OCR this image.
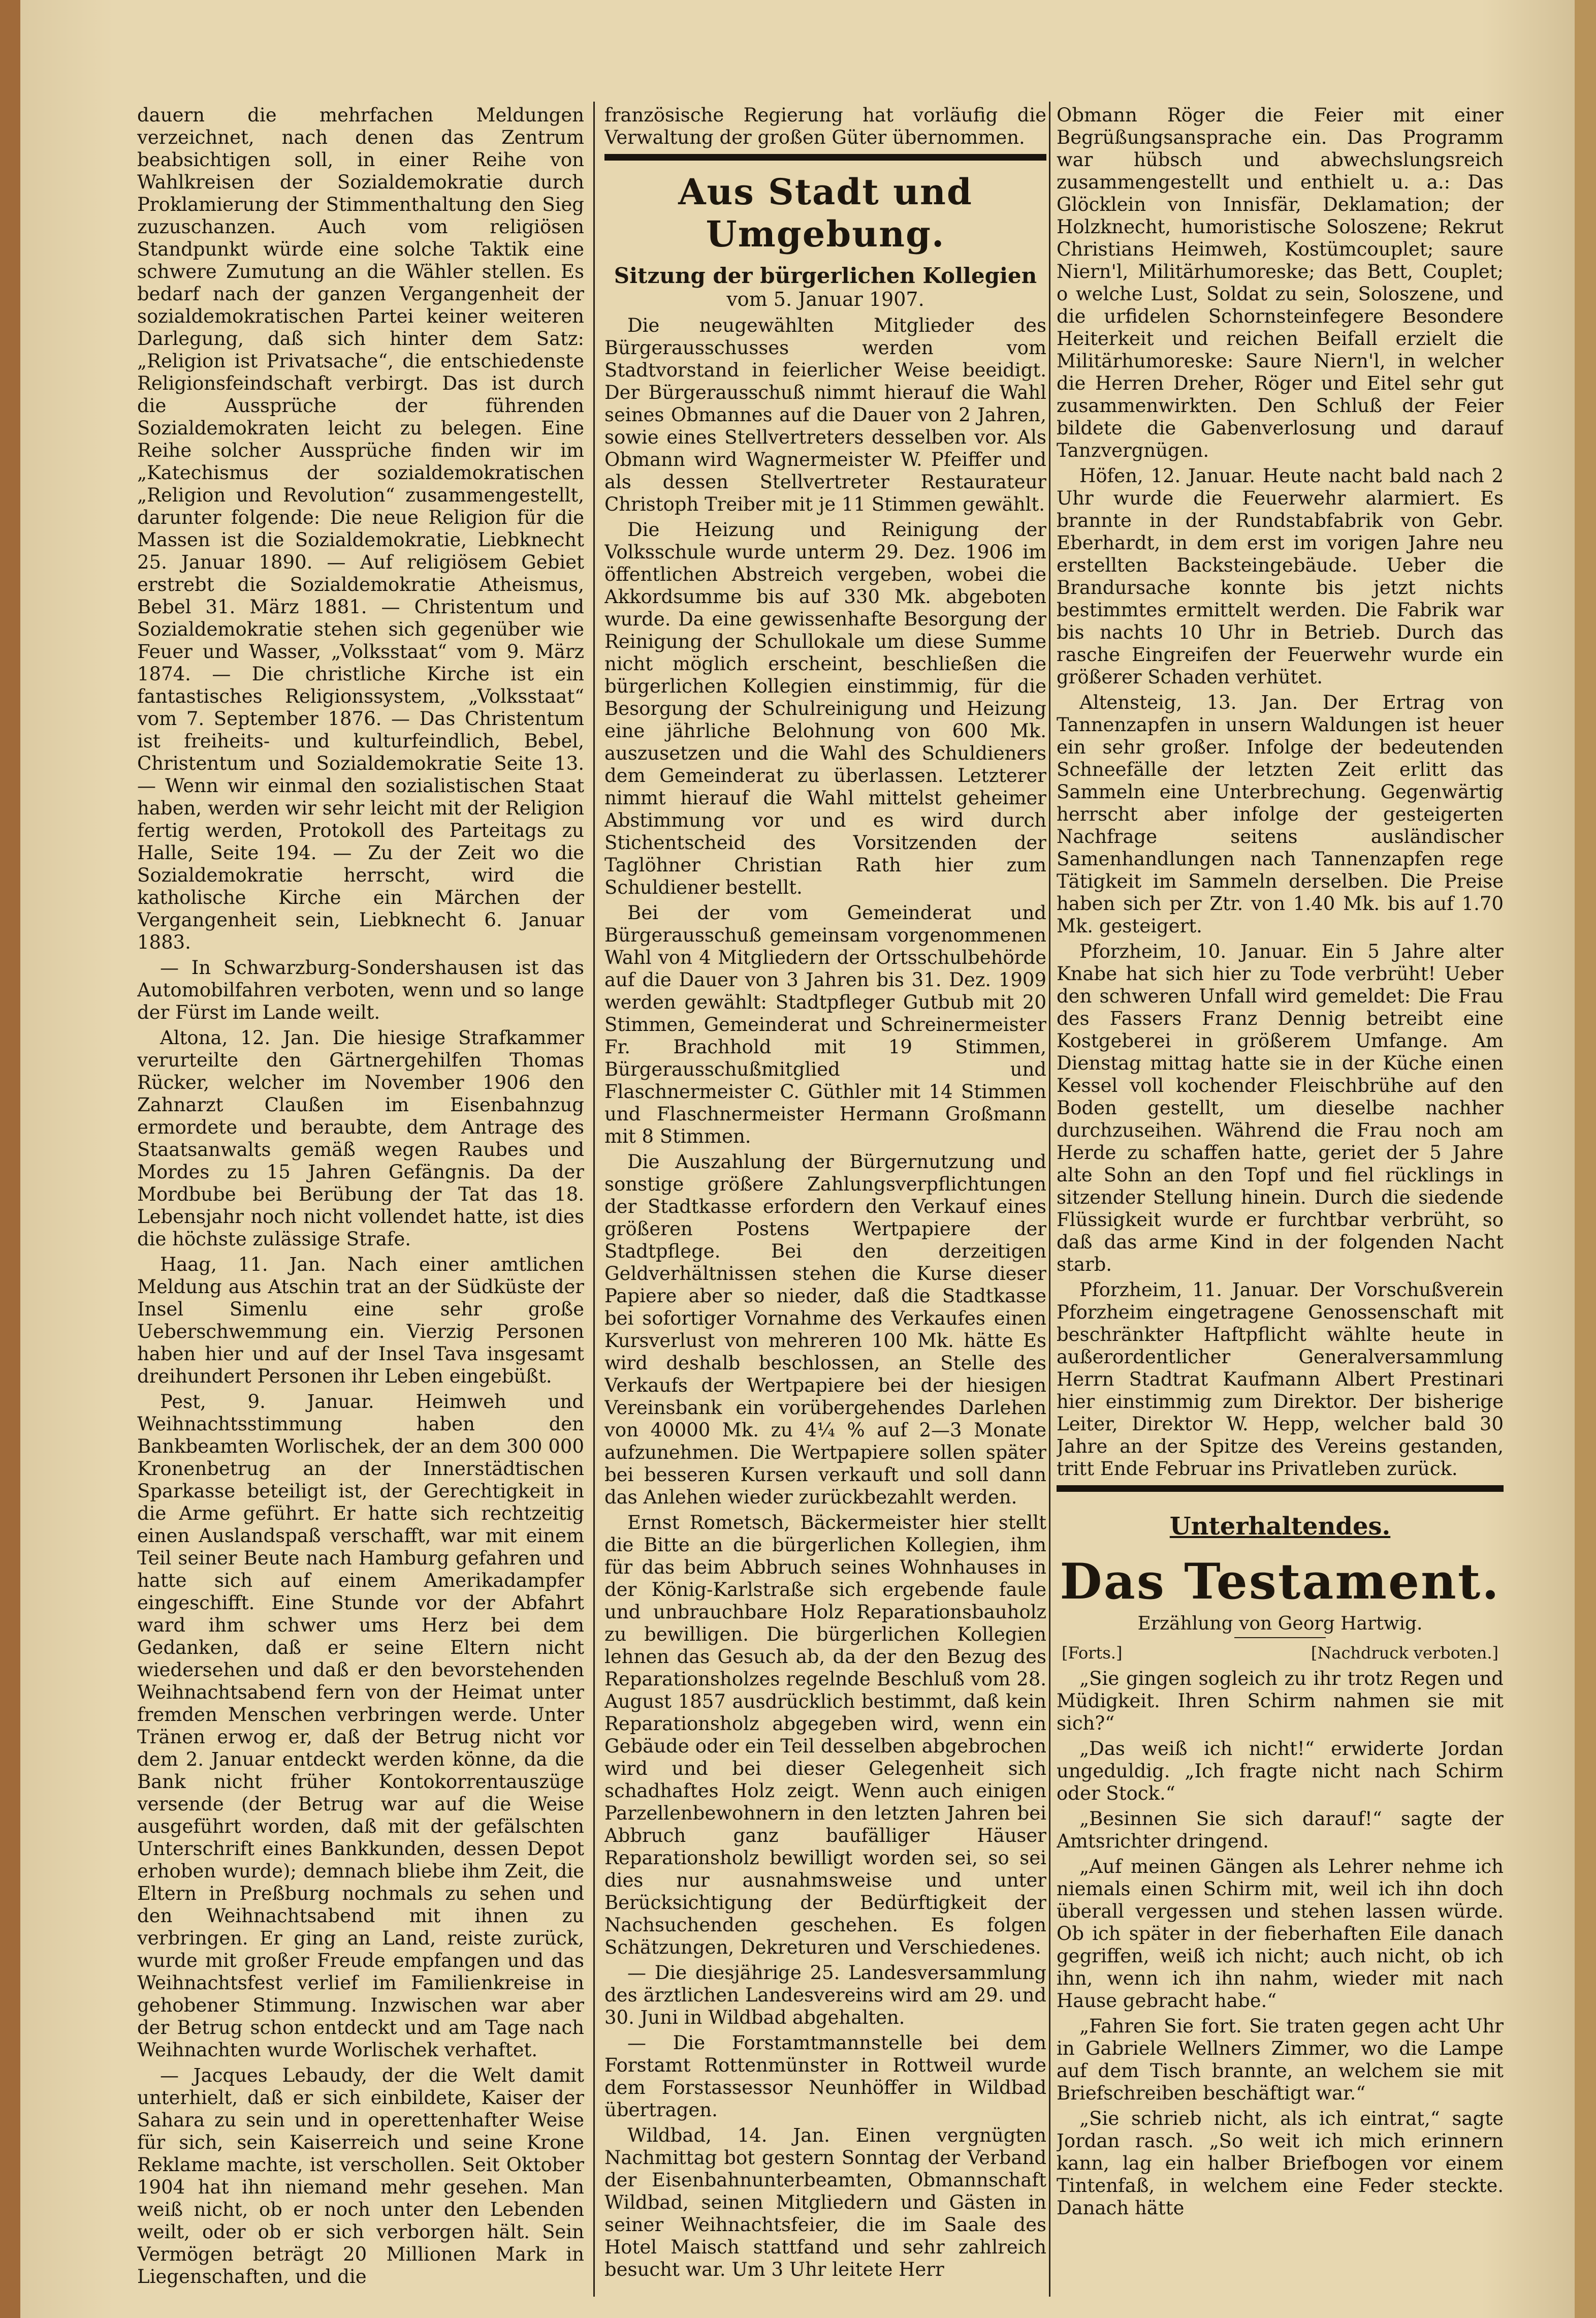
dauern die mehrfachen Meldungen verzeichnet, nach denen das Zentrum beabsichtigen soll, in einer Reihe von Wahlkreisen der Sozialdemokratie durch Proklamierung der Stimmenthaltung den Sieg zuzuschanzen. Auch vom religiösen Standpunkt würde eine solche Taktik eine schwere Zumutung an die Wähler stellen. Es bedarf nach der ganzen Vergangenheit der sozialdemokratischen Partei keiner weiteren Darlegung, daß sich hinter dem Satz: „Religion ist Privatsache“, die entschiedenste Religionsfeindschaft verbirgt. Das ist durch die Aussprüche der führenden Sozialdemokraten leicht zu belegen. Eine Reihe solcher Aussprüche finden wir im „Katechismus der sozialdemokratischen „Religion und Revolution“ zusammengestellt, darunter folgende: Die neue Religion für die Massen ist die Sozialdemokratie, Liebknecht 25. Januar 1890. — Auf religiösem Gebiet erstrebt die Sozialdemokratie Atheismus, Bebel 31. März 1881. — Christentum und Sozialdemokratie stehen sich gegenüber wie Feuer und Wasser, „Volksstaat“ vom 9. März 1874. — Die christliche Kirche ist ein fantastisches Religionssystem, „Volksstaat“ vom 7. September 1876. — Das Christentum ist freiheits- und kulturfeindlich, Bebel, Christentum und Sozialdemokratie Seite 13. — Wenn wir einmal den sozialistischen Staat haben, werden wir sehr leicht mit der Religion fertig werden, Protokoll des Parteitags zu Halle, Seite 194. — Zu der Zeit wo die Sozialdemokratie herrscht, wird die katholische Kirche ein Märchen der Vergangenheit sein, Liebknecht 6. Januar 1883.

— In Schwarzburg-Sondershausen ist das Automobilfahren verboten, wenn und so lange der Fürst im Lande weilt.

Altona, 12. Jan. Die hiesige Strafkammer verurteilte den Gärtnergehilfen Thomas Rücker, welcher im November 1906 den Zahnarzt Claußen im Eisenbahnzug ermordete und beraubte, dem Antrage des Staatsanwalts gemäß wegen Raubes und Mordes zu 15 Jahren Gefängnis. Da der Mordbube bei Berübung der Tat das 18. Lebensjahr noch nicht vollendet hatte, ist dies die höchste zulässige Strafe.

Haag, 11. Jan. Nach einer amtlichen Meldung aus Atschin trat an der Südküste der Insel Simenlu eine sehr große Ueberschwemmung ein. Vierzig Personen haben hier und auf der Insel Tava insgesamt dreihundert Personen ihr Leben eingebüßt.

Pest, 9. Januar. Heimweh und Weihnachtsstimmung haben den Bankbeamten Worlischek, der an dem 300 000 Kronenbetrug an der Innerstädtischen Sparkasse beteiligt ist, der Gerechtigkeit in die Arme geführt. Er hatte sich rechtzeitig einen Auslandspaß verschafft, war mit einem Teil seiner Beute nach Hamburg gefahren und hatte sich auf einem Amerikadampfer eingeschifft. Eine Stunde vor der Abfahrt ward ihm schwer ums Herz bei dem Gedanken, daß er seine Eltern nicht wiedersehen und daß er den bevorstehenden Weihnachtsabend fern von der Heimat unter fremden Menschen verbringen werde. Unter Tränen erwog er, daß der Betrug nicht vor dem 2. Januar entdeckt werden könne, da die Bank nicht früher Kontokorrentauszüge versende (der Betrug war auf die Weise ausgeführt worden, daß mit der gefälschten Unterschrift eines Bankkunden, dessen Depot erhoben wurde); demnach bliebe ihm Zeit, die Eltern in Preßburg nochmals zu sehen und den Weihnachtsabend mit ihnen zu verbringen. Er ging an Land, reiste zurück, wurde mit großer Freude empfangen und das Weihnachtsfest verlief im Familienkreise in gehobener Stimmung. Inzwischen war aber der Betrug schon entdeckt und am Tage nach Weihnachten wurde Worlischek verhaftet.

— Jacques Lebaudy, der die Welt damit unterhielt, daß er sich einbildete, Kaiser der Sahara zu sein und in operettenhafter Weise für sich, sein Kaiserreich und seine Krone Reklame machte, ist verschollen. Seit Oktober 1904 hat ihn niemand mehr gesehen. Man weiß nicht, ob er noch unter den Lebenden weilt, oder ob er sich verborgen hält. Sein Vermögen beträgt 20 Millionen Mark in Liegenschaften, und die

französische Regierung hat vorläufig die Verwaltung der großen Güter übernommen.

Aus Stadt und Umgebung.
Sitzung der bürgerlichen Kollegien
vom 5. Januar 1907.

Die neugewählten Mitglieder des Bürgerausschusses werden vom Stadtvorstand in feierlicher Weise beeidigt. Der Bürgerausschuß nimmt hierauf die Wahl seines Obmannes auf die Dauer von 2 Jahren, sowie eines Stellvertreters desselben vor. Als Obmann wird Wagnermeister W. Pfeiffer und als dessen Stellvertreter Restaurateur Christoph Treiber mit je 11 Stimmen gewählt.

Die Heizung und Reinigung der Volksschule wurde unterm 29. Dez. 1906 im öffentlichen Abstreich vergeben, wobei die Akkordsumme bis auf 330 Mk. abgeboten wurde. Da eine gewissenhafte Besorgung der Reinigung der Schullokale um diese Summe nicht möglich erscheint, beschließen die bürgerlichen Kollegien einstimmig, für die Besorgung der Schulreinigung und Heizung eine jährliche Belohnung von 600 Mk. auszusetzen und die Wahl des Schuldieners dem Gemeinderat zu überlassen. Letzterer nimmt hierauf die Wahl mittelst geheimer Abstimmung vor und es wird durch Stichentscheid des Vorsitzenden der Taglöhner Christian Rath hier zum Schuldiener bestellt.

Bei der vom Gemeinderat und Bürgerausschuß gemeinsam vorgenommenen Wahl von 4 Mitgliedern der Ortsschulbehörde auf die Dauer von 3 Jahren bis 31. Dez. 1909 werden gewählt: Stadtpfleger Gutbub mit 20 Stimmen, Gemeinderat und Schreinermeister Fr. Brachhold mit 19 Stimmen, Bürgerausschußmitglied und Flaschnermeister C. Güthler mit 14 Stimmen und Flaschnermeister Hermann Großmann mit 8 Stimmen.

Die Auszahlung der Bürgernutzung und sonstige größere Zahlungsverpflichtungen der Stadtkasse erfordern den Verkauf eines größeren Postens Wertpapiere der Stadtpflege. Bei den derzeitigen Geldverhältnissen stehen die Kurse dieser Papiere aber so nieder, daß die Stadtkasse bei sofortiger Vornahme des Verkaufes einen Kursverlust von mehreren 100 Mk. hätte Es wird deshalb beschlossen, an Stelle des Verkaufs der Wertpapiere bei der hiesigen Vereinsbank ein vorübergehendes Darlehen von 40000 Mk. zu 4¼ % auf 2—3 Monate aufzunehmen. Die Wertpapiere sollen später bei besseren Kursen verkauft und soll dann das Anlehen wieder zurückbezahlt werden.

Ernst Rometsch, Bäckermeister hier stellt die Bitte an die bürgerlichen Kollegien, ihm für das beim Abbruch seines Wohnhauses in der König-Karlstraße sich ergebende faule und unbrauchbare Holz Reparationsbauholz zu bewilligen. Die bürgerlichen Kollegien lehnen das Gesuch ab, da der den Bezug des Reparationsholzes regelnde Beschluß vom 28. August 1857 ausdrücklich bestimmt, daß kein Reparationsholz abgegeben wird, wenn ein Gebäude oder ein Teil desselben abgebrochen wird und bei dieser Gelegenheit sich schadhaftes Holz zeigt. Wenn auch einigen Parzellenbewohnern in den letzten Jahren bei Abbruch ganz baufälliger Häuser Reparationsholz bewilligt worden sei, so sei dies nur ausnahmsweise und unter Berücksichtigung der Bedürftigkeit der Nachsuchenden geschehen. Es folgen Schätzungen, Dekreturen und Verschiedenes.

— Die diesjährige 25. Landesversammlung des ärztlichen Landesvereins wird am 29. und 30. Juni in Wildbad abgehalten.

— Die Forstamtmannstelle bei dem Forstamt Rottenmünster in Rottweil wurde dem Forstassessor Neunhöffer in Wildbad übertragen.

Wildbad, 14. Jan. Einen vergnügten Nachmittag bot gestern Sonntag der Verband der Eisenbahnunterbeamten, Obmannschaft Wildbad, seinen Mitgliedern und Gästen in seiner Weihnachtsfeier, die im Saale des Hotel Maisch stattfand und sehr zahlreich besucht war. Um 3 Uhr leitete Herr

Obmann Röger die Feier mit einer Begrüßungsansprache ein. Das Programm war hübsch und abwechslungsreich zusammengestellt und enthielt u. a.: Das Glöcklein von Innisfär, Deklamation; der Holzknecht, humoristische Soloszene; Rekrut Christians Heimweh, Kostümcouplet; saure Niern'l, Militärhumoreske; das Bett, Couplet; o welche Lust, Soldat zu sein, Soloszene, und die urfidelen Schornsteinfegere Besondere Heiterkeit und reichen Beifall erzielt die Militärhumoreske: Saure Niern'l, in welcher die Herren Dreher, Röger und Eitel sehr gut zusammenwirkten. Den Schluß der Feier bildete die Gabenverlosung und darauf Tanzvergnügen.

Höfen, 12. Januar. Heute nacht bald nach 2 Uhr wurde die Feuerwehr alarmiert. Es brannte in der Rundstabfabrik von Gebr. Eberhardt, in dem erst im vorigen Jahre neu erstellten Backsteingebäude. Ueber die Brandursache konnte bis jetzt nichts bestimmtes ermittelt werden. Die Fabrik war bis nachts 10 Uhr in Betrieb. Durch das rasche Eingreifen der Feuerwehr wurde ein größerer Schaden verhütet.

Altensteig, 13. Jan. Der Ertrag von Tannenzapfen in unsern Waldungen ist heuer ein sehr großer. Infolge der bedeutenden Schneefälle der letzten Zeit erlitt das Sammeln eine Unterbrechung. Gegenwärtig herrscht aber infolge der gesteigerten Nachfrage seitens ausländischer Samenhandlungen nach Tannenzapfen rege Tätigkeit im Sammeln derselben. Die Preise haben sich per Ztr. von 1.40 Mk. bis auf 1.70 Mk. gesteigert.

Pforzheim, 10. Januar. Ein 5 Jahre alter Knabe hat sich hier zu Tode verbrüht! Ueber den schweren Unfall wird gemeldet: Die Frau des Fassers Franz Dennig betreibt eine Kostgeberei in größerem Umfange. Am Dienstag mittag hatte sie in der Küche einen Kessel voll kochender Fleischbrühe auf den Boden gestellt, um dieselbe nachher durchzuseihen. Während die Frau noch am Herde zu schaffen hatte, geriet der 5 Jahre alte Sohn an den Topf und fiel rücklings in sitzender Stellung hinein. Durch die siedende Flüssigkeit wurde er furchtbar verbrüht, so daß das arme Kind in der folgenden Nacht starb.

Pforzheim, 11. Januar. Der Vorschußverein Pforzheim eingetragene Genossenschaft mit beschränkter Haftpflicht wählte heute in außerordentlicher Generalversammlung Herrn Stadtrat Kaufmann Albert Prestinari hier einstimmig zum Direktor. Der bisherige Leiter, Direktor W. Hepp, welcher bald 30 Jahre an der Spitze des Vereins gestanden, tritt Ende Februar ins Privatleben zurück.

Unterhaltendes.
Das Testament.
Erzählung von Georg Hartwig.
[Forts.]	[Nachdruck verboten.]

„Sie gingen sogleich zu ihr trotz Regen und Müdigkeit. Ihren Schirm nahmen sie mit sich?“

„Das weiß ich nicht!“ erwiderte Jordan ungeduldig. „Ich fragte nicht nach Schirm oder Stock.“

„Besinnen Sie sich darauf!“ sagte der Amtsrichter dringend.

„Auf meinen Gängen als Lehrer nehme ich niemals einen Schirm mit, weil ich ihn doch überall vergessen und stehen lassen würde. Ob ich später in der fieberhaften Eile danach gegriffen, weiß ich nicht; auch nicht, ob ich ihn, wenn ich ihn nahm, wieder mit nach Hause gebracht habe.“

„Fahren Sie fort. Sie traten gegen acht Uhr in Gabriele Wellners Zimmer, wo die Lampe auf dem Tisch brannte, an welchem sie mit Briefschreiben beschäftigt war.“

„Sie schrieb nicht, als ich eintrat,“ sagte Jordan rasch. „So weit ich mich erinnern kann, lag ein halber Briefbogen vor einem Tintenfaß, in welchem eine Feder steckte. Danach hätte
